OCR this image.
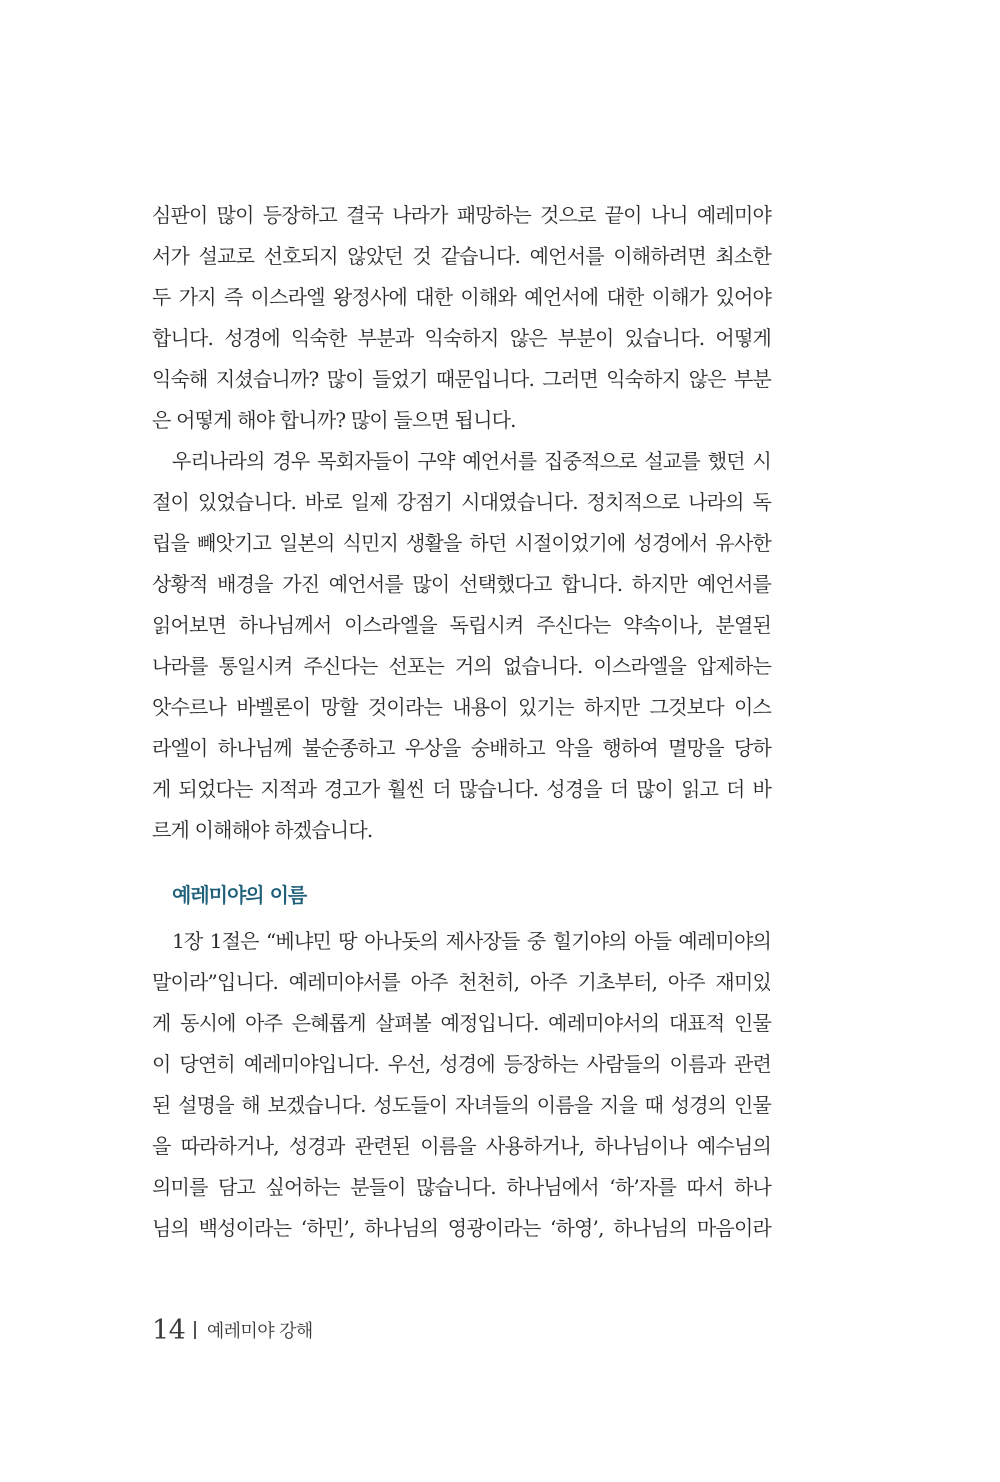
심판이 많이 등장하고 결국 나라가 패망하는 것으로 끝이 나니 예레미야
서가 설교로 선호되지 않았던 것 같습니다. 예언서를 이해하려면 최소한
두 가지 즉 이스라엘 왕정사에 대한 이해와 예언서에 대한 이해가 있어야
합니다. 성경에 익숙한 부분과 익숙하지 않은 부분이 있습니다. 어떻게
익숙해 지셨습니까? 많이 들었기 때문입니다. 그러면 익숙하지 않은 부분
은 어떻게 해야 합니까? 많이 들으면 됩니다.
우리나라의 경우 목회자들이 구약 예언서를 집중적으로 설교를 했던 시
절이 있었습니다. 바로 일제 강점기 시대였습니다. 정치적으로 나라의 독
립을 빼앗기고 일본의 식민지 생활을 하던 시절이었기에 성경에서 유사한
상황적 배경을 가진 예언서를 많이 선택했다고 합니다. 하지만 예언서를
읽어보면 하나님께서 이스라엘을 독립시켜 주신다는 약속이나, 분열된
나라를 통일시켜 주신다는 선포는 거의 없습니다. 이스라엘을 압제하는
앗수르나 바벨론이 망할 것이라는 내용이 있기는 하지만 그것보다 이스
라엘이 하나님께 불순종하고 우상을 숭배하고 악을 행하여 멸망을 당하
게 되었다는 지적과 경고가 훨씬 더 많습니다. 성경을 더 많이 읽고 더 바
르게 이해해야 하겠습니다.
예레미야의 이름
1장 1절은 “베냐민 땅 아나돗의 제사장들 중 힐기야의 아들 예레미야의
말이라”입니다. 예레미야서를 아주 천천히, 아주 기초부터, 아주 재미있
게 동시에 아주 은혜롭게 살펴볼 예정입니다. 예레미야서의 대표적 인물
이 당연히 예레미야입니다. 우선, 성경에 등장하는 사람들의 이름과 관련
된 설명을 해 보겠습니다. 성도들이 자녀들의 이름을 지을 때 성경의 인물
을 따라하거나, 성경과 관련된 이름을 사용하거나, 하나님이나 예수님의
의미를 담고 싶어하는 분들이 많습니다. 하나님에서 ‘하’자를 따서 하나
님의 백성이라는 ‘하민’, 하나님의 영광이라는 ‘하영’, 하나님의 마음이라
14 예레미야 강해
